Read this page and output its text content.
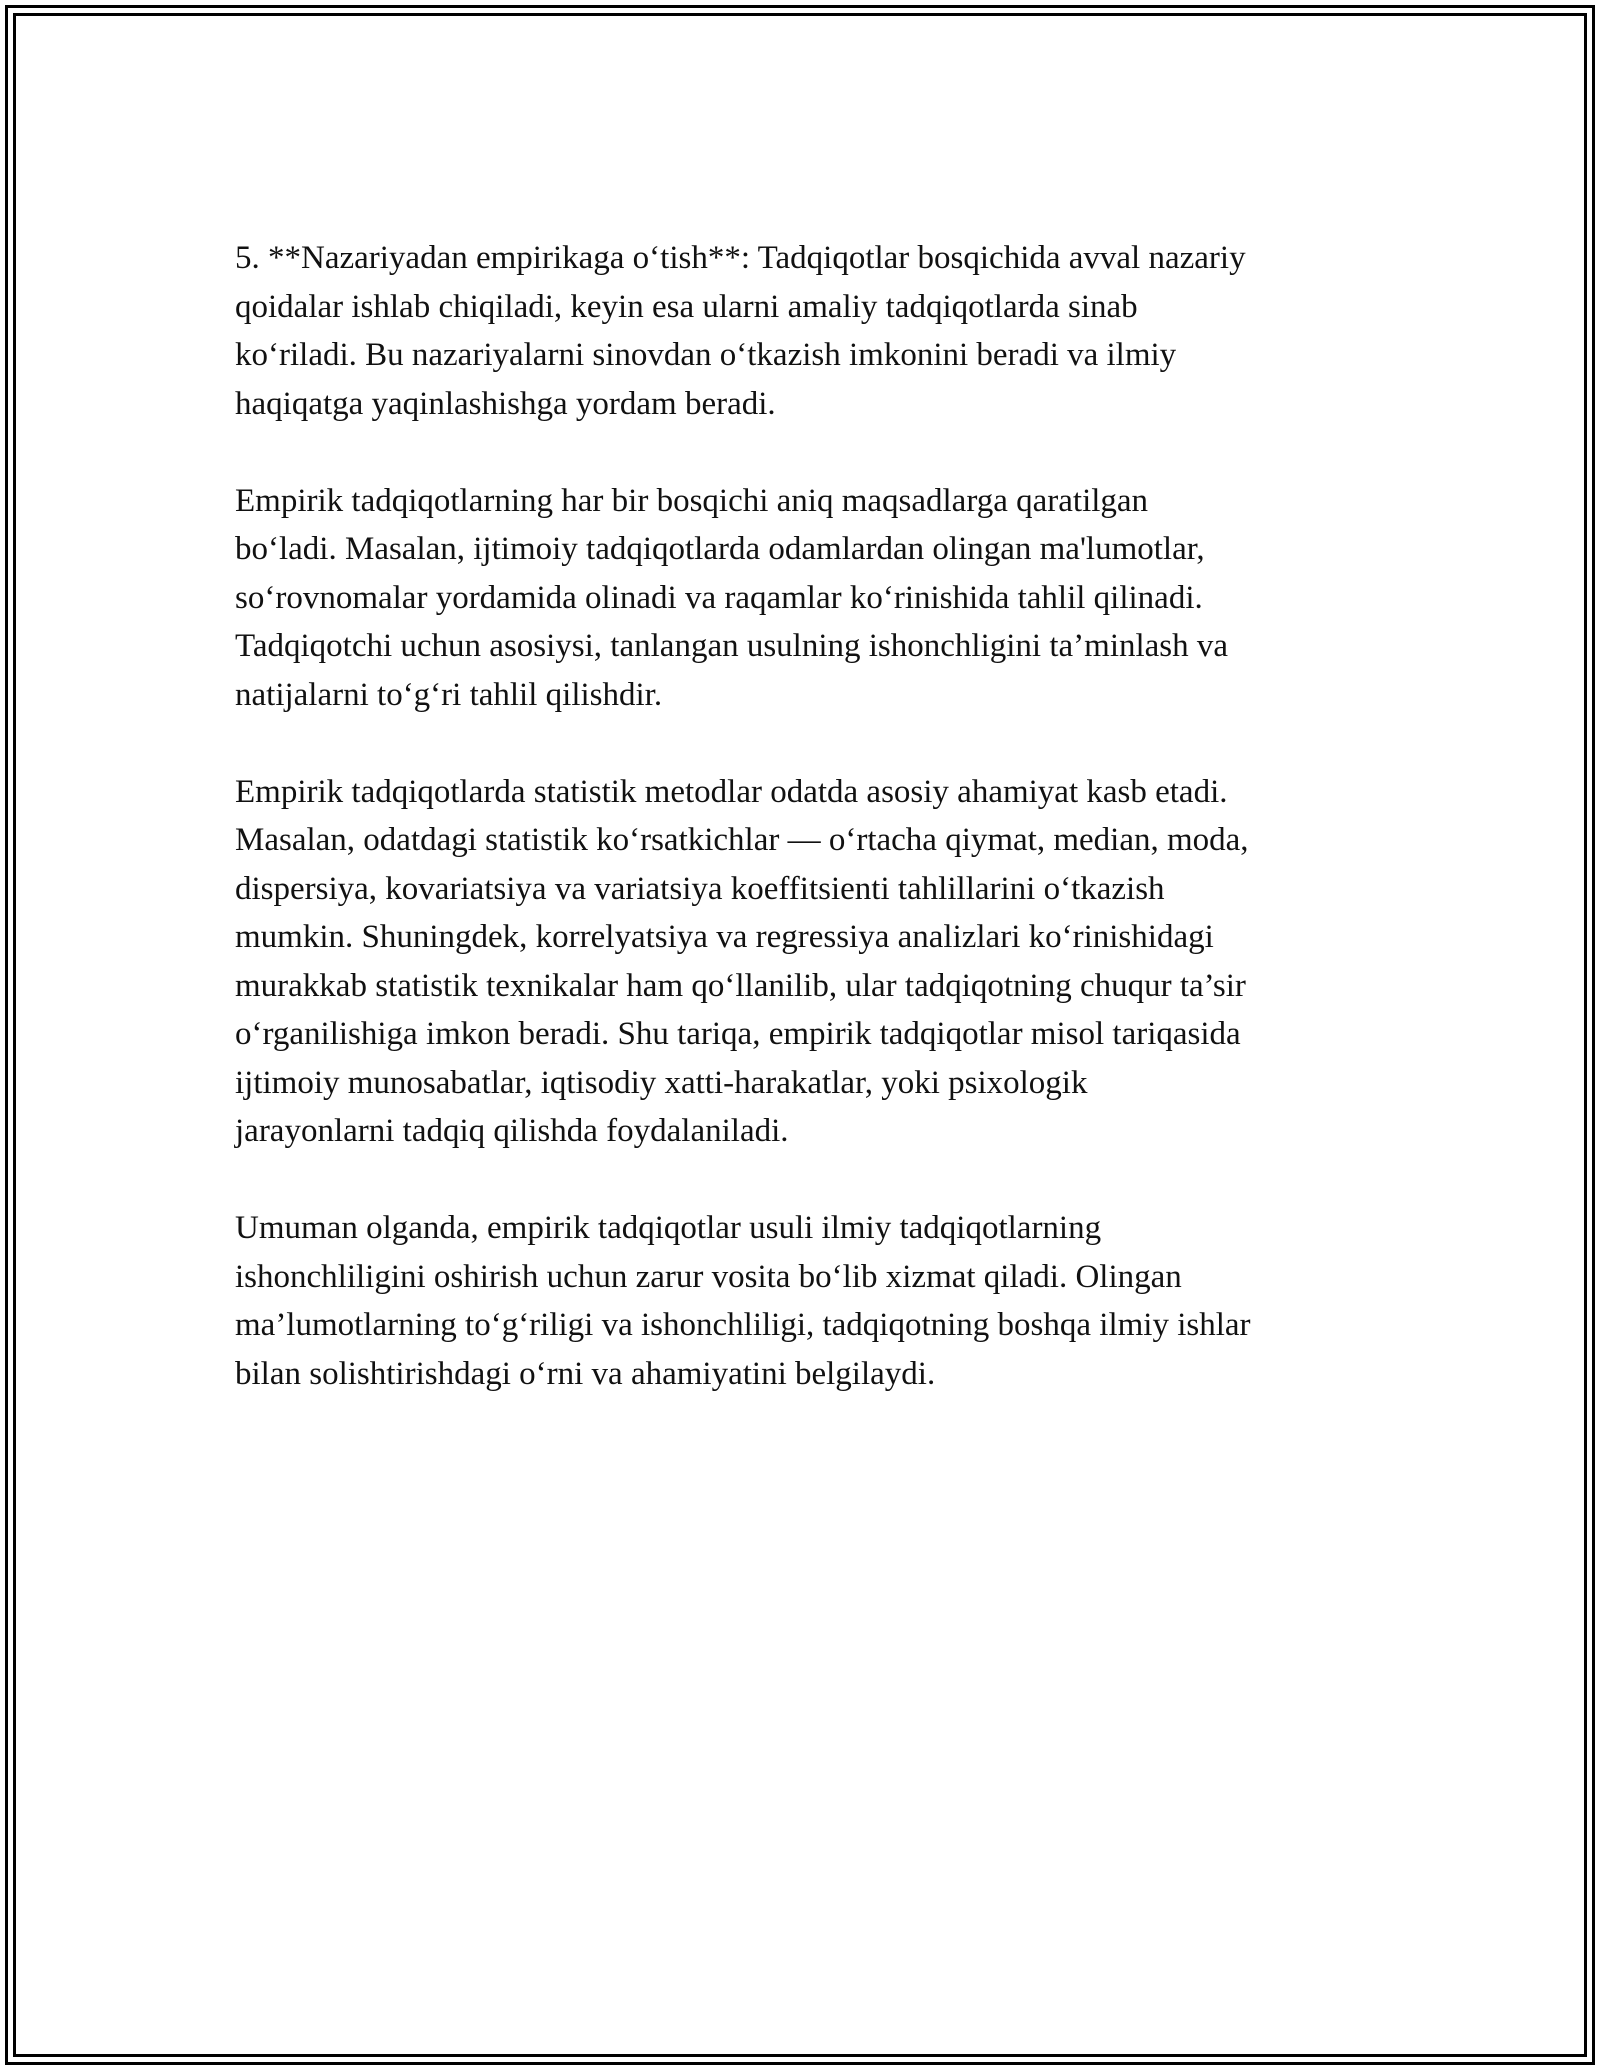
5. **Nazariyadan empirikaga o‘tish**: Tadqiqotlar bosqichida avval nazariy
qoidalar ishlab chiqiladi, keyin esa ularni amaliy tadqiqotlarda sinab
ko‘riladi. Bu nazariyalarni sinovdan o‘tkazish imkonini beradi va ilmiy
haqiqatga yaqinlashishga yordam beradi.

Empirik tadqiqotlarning har bir bosqichi aniq maqsadlarga qaratilgan
bo‘ladi. Masalan, ijtimoiy tadqiqotlarda odamlardan olingan ma'lumotlar,
so‘rovnomalar yordamida olinadi va raqamlar ko‘rinishida tahlil qilinadi.
Tadqiqotchi uchun asosiysi, tanlangan usulning ishonchligini ta’minlash va
natijalarni to‘g‘ri tahlil qilishdir.

Empirik tadqiqotlarda statistik metodlar odatda asosiy ahamiyat kasb etadi.
Masalan, odatdagi statistik ko‘rsatkichlar — o‘rtacha qiymat, median, moda,
dispersiya, kovariatsiya va variatsiya koeffitsienti tahlillarini o‘tkazish
mumkin. Shuningdek, korrelyatsiya va regressiya analizlari ko‘rinishidagi
murakkab statistik texnikalar ham qo‘llanilib, ular tadqiqotning chuqur ta’sir
o‘rganilishiga imkon beradi. Shu tariqa, empirik tadqiqotlar misol tariqasida
ijtimoiy munosabatlar, iqtisodiy xatti-harakatlar, yoki psixologik
jarayonlarni tadqiq qilishda foydalaniladi.

Umuman olganda, empirik tadqiqotlar usuli ilmiy tadqiqotlarning
ishonchliligini oshirish uchun zarur vosita bo‘lib xizmat qiladi. Olingan
ma’lumotlarning to‘g‘riligi va ishonchliligi, tadqiqotning boshqa ilmiy ishlar
bilan solishtirishdagi o‘rni va ahamiyatini belgilaydi.
